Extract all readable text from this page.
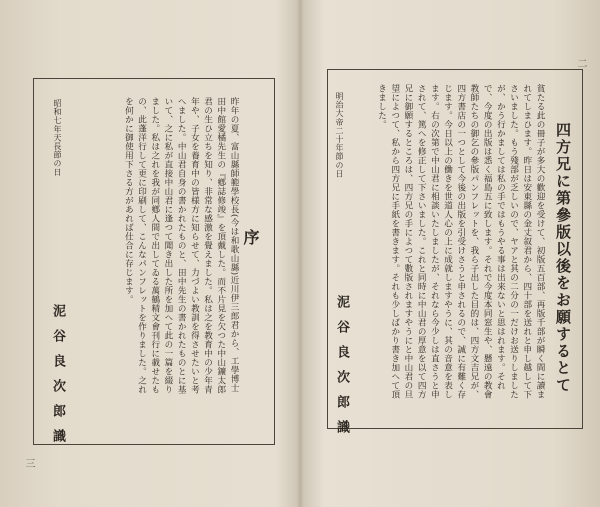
序
昨年の夏、富山縣師範學校長(今は和歌山縣)近川伊三郎君から、工學博士田中館愛橘先生の『鄕誌修竣』を頂戴した。而不片見を欠つた中山鑛太郎君の生ひ立ちを知り、非常な感激を覺えました。私は之を教育中の少年青年や、子女を養育中の皆様方に知らせて、力づよい教訓を得させたいと考へました。中山君自身の書かれたものと、田中先生の書かれたものとに基いて、之に私が直接中山君に逢つて聞き出した所を加へて此の一篇を綴りました。私は之れを我が同鄕人間で出してゐる萬鶴精文會刊行に載せたもの、此蓬洋行して更に印刷して、こんなパンフレットを作りました。之れを何かに御使用下さる方があれば仕合に存じます。
昭和七年天長節の日
泥谷良次郎識
三
四方兄に第參版以後をお願するとて
貧たる此の冊子が多大の歡迎を受けて、初版五百部、再版千部が瞬く間に讀まれてしまひます。昨日は安東縣の金丈叙君から、四十部を送れと申し越して下さいました。もう殘部が乏しいので、ヤアと其の二分の一だけお送りしましたが、かう行かましては私の手ではもうやる事は出来ないと思はれます。それで、今度の出版は悉く福島五に致します。それで今度本同窓生や、懸遠の教會教師たちの御乞の參版パンフレットを、我ら子出した目的は、四方文吉兄が、四方書店の一つとして今後の出版を引受けさうと申されるので、誠に有難く存じます。今日以上の働きを世道人心の上に成就しますやうに、其の音意を表します。右の次第で中山君に相談いたしましたが、それなら今少しは直さうと申されて、篤へを修正して下さいました。これと同時に中山君の厚意を以て四方兄に御願するところは、四方兄の手によつて數版されますやうにと中山君の旦望によつて、私から四方兄に手紙を書きます。それも少しばかり書き加へて頂きました。
明治大帝二十年節の日
泥谷良次郎識
二
